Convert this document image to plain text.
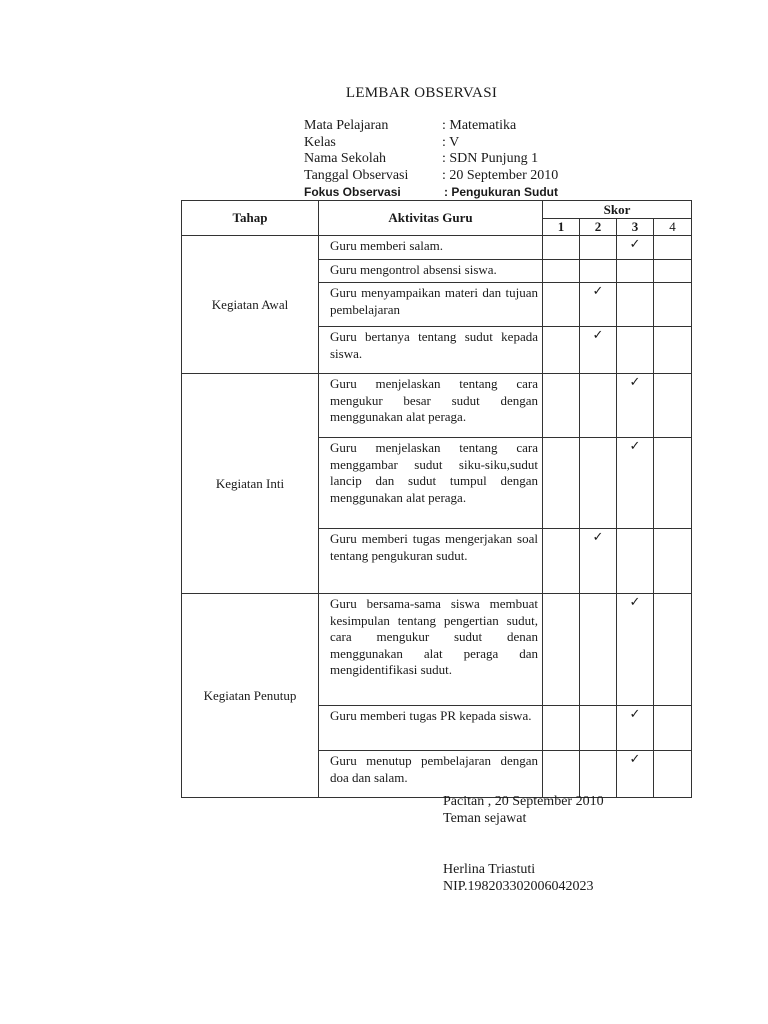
LEMBAR OBSERVASI
Mata Pelajaran	: Matematika
Kelas	: V
Nama Sekolah	: SDN Punjung 1
Tanggal Observasi	: 20 September 2010
Fokus Observasi	: Pengukuran Sudut
Tahap	Aktivitas Guru	Skor			
		1	2	3	4
Kegiatan Awal	Guru memberi salam.			✓	
	Guru mengontrol absensi siswa.				
	Guru menyampaikan materi dan tujuan pembelajaran		✓		
	Guru bertanya tentang sudut kepada siswa.		✓		
Kegiatan Inti	Guru menjelaskan tentang cara mengukur besar sudut dengan menggunakan alat peraga.			✓	
	Guru menjelaskan tentang cara menggambar sudut siku-siku,sudut lancip dan sudut tumpul dengan menggunakan alat peraga.			✓	
	Guru memberi tugas mengerjakan soal tentang pengukuran sudut.		✓		
Kegiatan Penutup	Guru bersama-sama siswa membuat kesimpulan tentang pengertian sudut, cara mengukur sudut denan menggunakan alat peraga dan mengidentifikasi sudut.			✓	
	Guru memberi tugas PR kepada siswa.			✓	
	Guru menutup pembelajaran dengan doa dan salam.			✓	
Pacitan , 20 September 2010
Teman sejawat
Herlina Triastuti
NIP.198203302006042023
